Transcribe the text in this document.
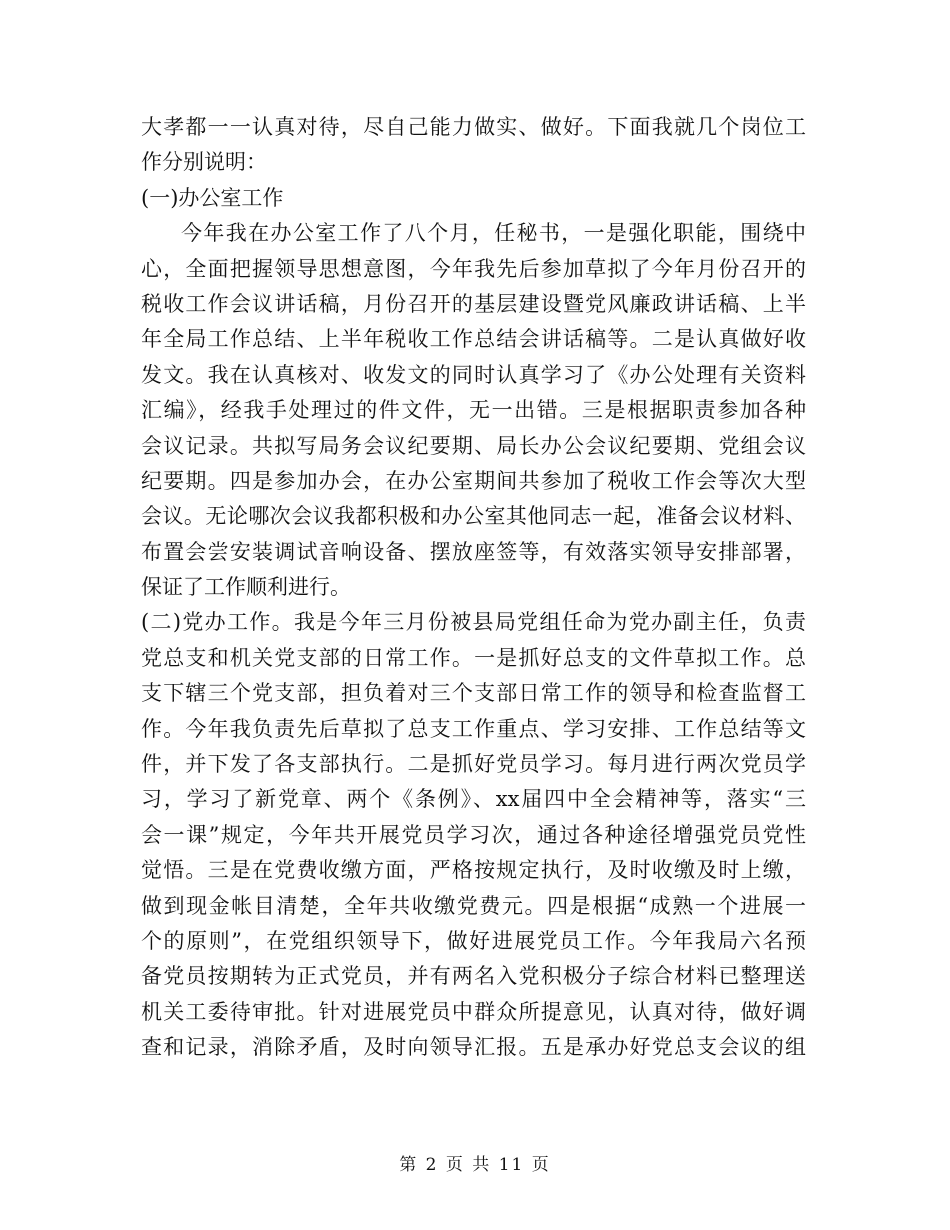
大孝都一一认真对待，尽自己能力做实、做好。下面我就几个岗位工
作分别说明：
(一)办公室工作
今年我在办公室工作了八个月，任秘书，一是强化职能，围绕中
心，全面把握领导思想意图，今年我先后参加草拟了今年月份召开的
税收工作会议讲话稿，月份召开的基层建设暨党风廉政讲话稿、上半
年全局工作总结、上半年税收工作总结会讲话稿等。二是认真做好收
发文。我在认真核对、收发文的同时认真学习了《办公处理有关资料
汇编》，经我手处理过的件文件，无一出错。三是根据职责参加各种
会议记录。共拟写局务会议纪要期、局长办公会议纪要期、党组会议
纪要期。四是参加办会，在办公室期间共参加了税收工作会等次大型
会议。无论哪次会议我都积极和办公室其他同志一起，准备会议材料、
布置会尝安装调试音响设备、摆放座签等，有效落实领导安排部署，
保证了工作顺利进行。
(二)党办工作。我是今年三月份被县局党组任命为党办副主任，负责
党总支和机关党支部的日常工作。一是抓好总支的文件草拟工作。总
支下辖三个党支部，担负着对三个支部日常工作的领导和检查监督工
作。今年我负责先后草拟了总支工作重点、学习安排、工作总结等文
件，并下发了各支部执行。二是抓好党员学习。每月进行两次党员学
习，学习了新党章、两个《条例》、xx届四中全会精神等，落实“三
会一课”规定，今年共开展党员学习次，通过各种途径增强党员党性
觉悟。三是在党费收缴方面，严格按规定执行，及时收缴及时上缴，
做到现金帐目清楚，全年共收缴党费元。四是根据“成熟一个进展一
个的原则”，在党组织领导下，做好进展党员工作。今年我局六名预
备党员按期转为正式党员，并有两名入党积极分子综合材料已整理送
机关工委待审批。针对进展党员中群众所提意见，认真对待，做好调
查和记录，消除矛盾，及时向领导汇报。五是承办好党总支会议的组
第 2 页 共 11 页
